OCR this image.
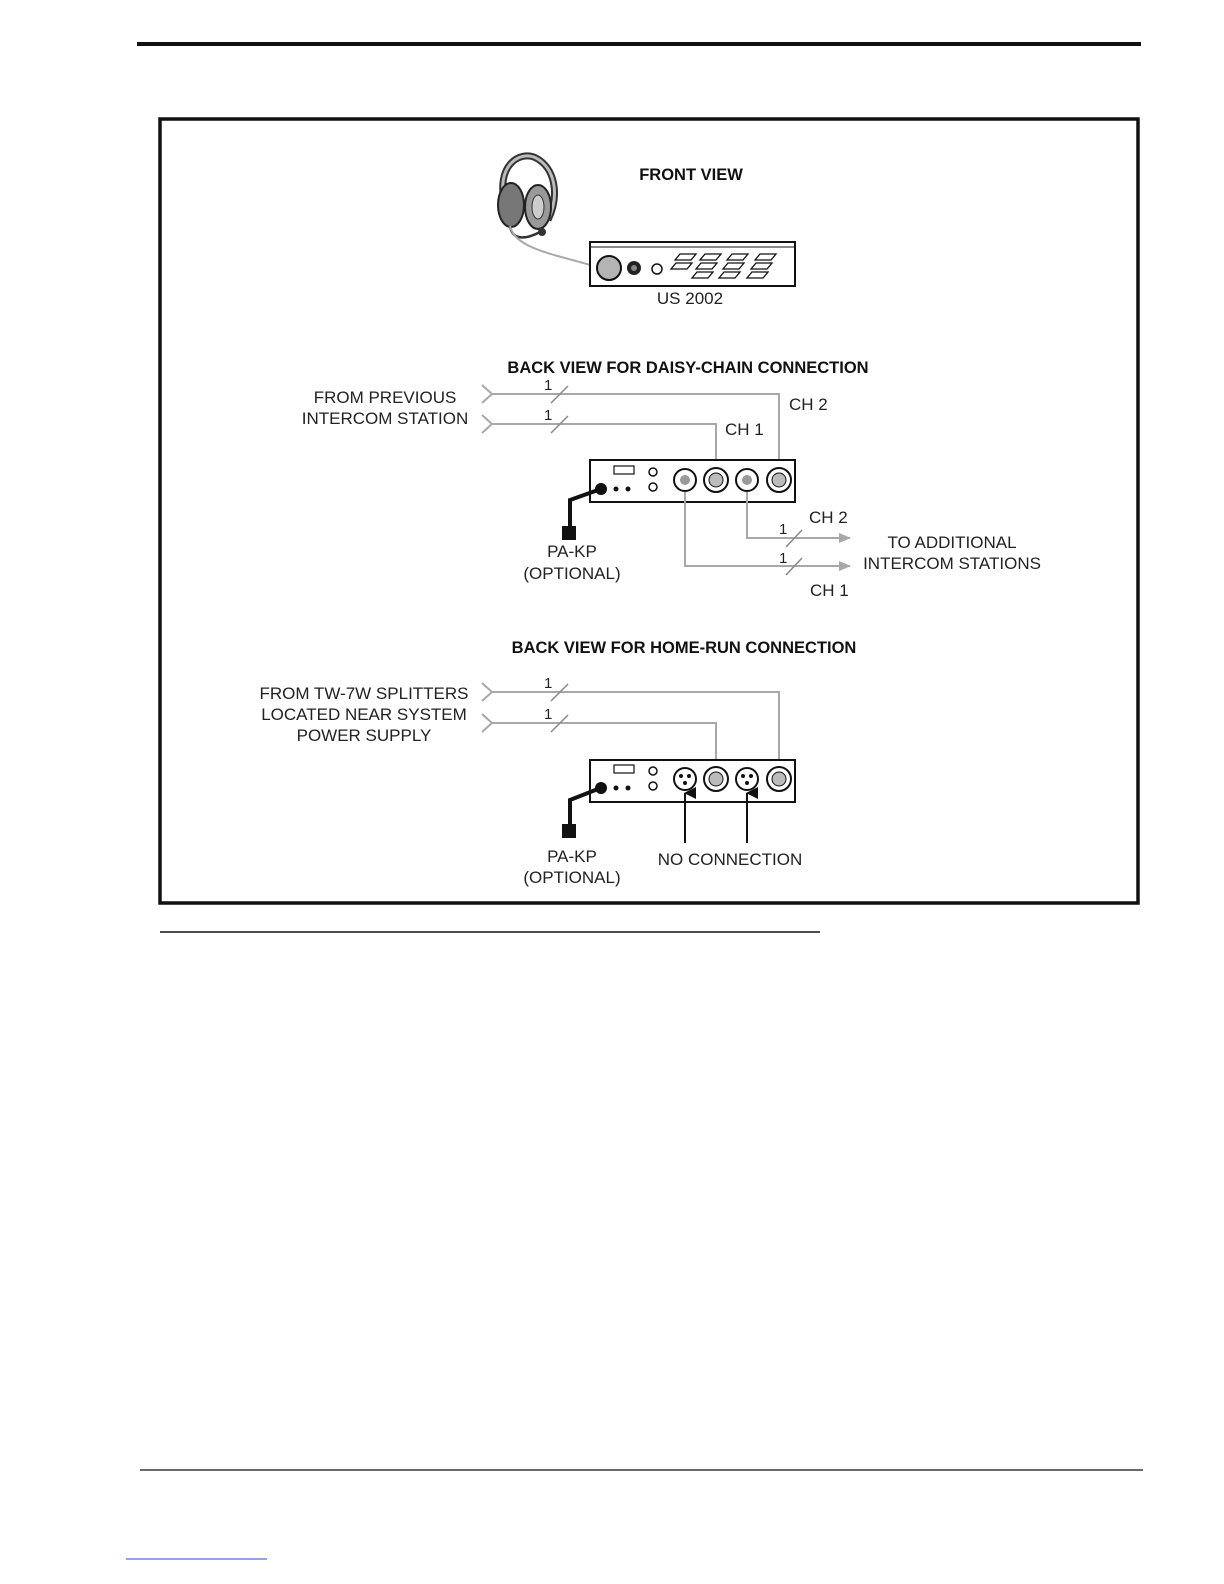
FRONT VIEW
US 2002
BACK VIEW FOR DAISY-CHAIN CONNECTION
FROM PREVIOUS
INTERCOM STATION
1
CH 2
1
CH 1
PA-KP
(OPTIONAL)
1
CH 2
1
CH 1
TO ADDITIONAL
INTERCOM STATIONS
BACK VIEW FOR HOME-RUN CONNECTION
FROM TW-7W SPLITTERS
LOCATED NEAR SYSTEM
POWER SUPPLY
1
1
PA-KP
(OPTIONAL)
NO CONNECTION
